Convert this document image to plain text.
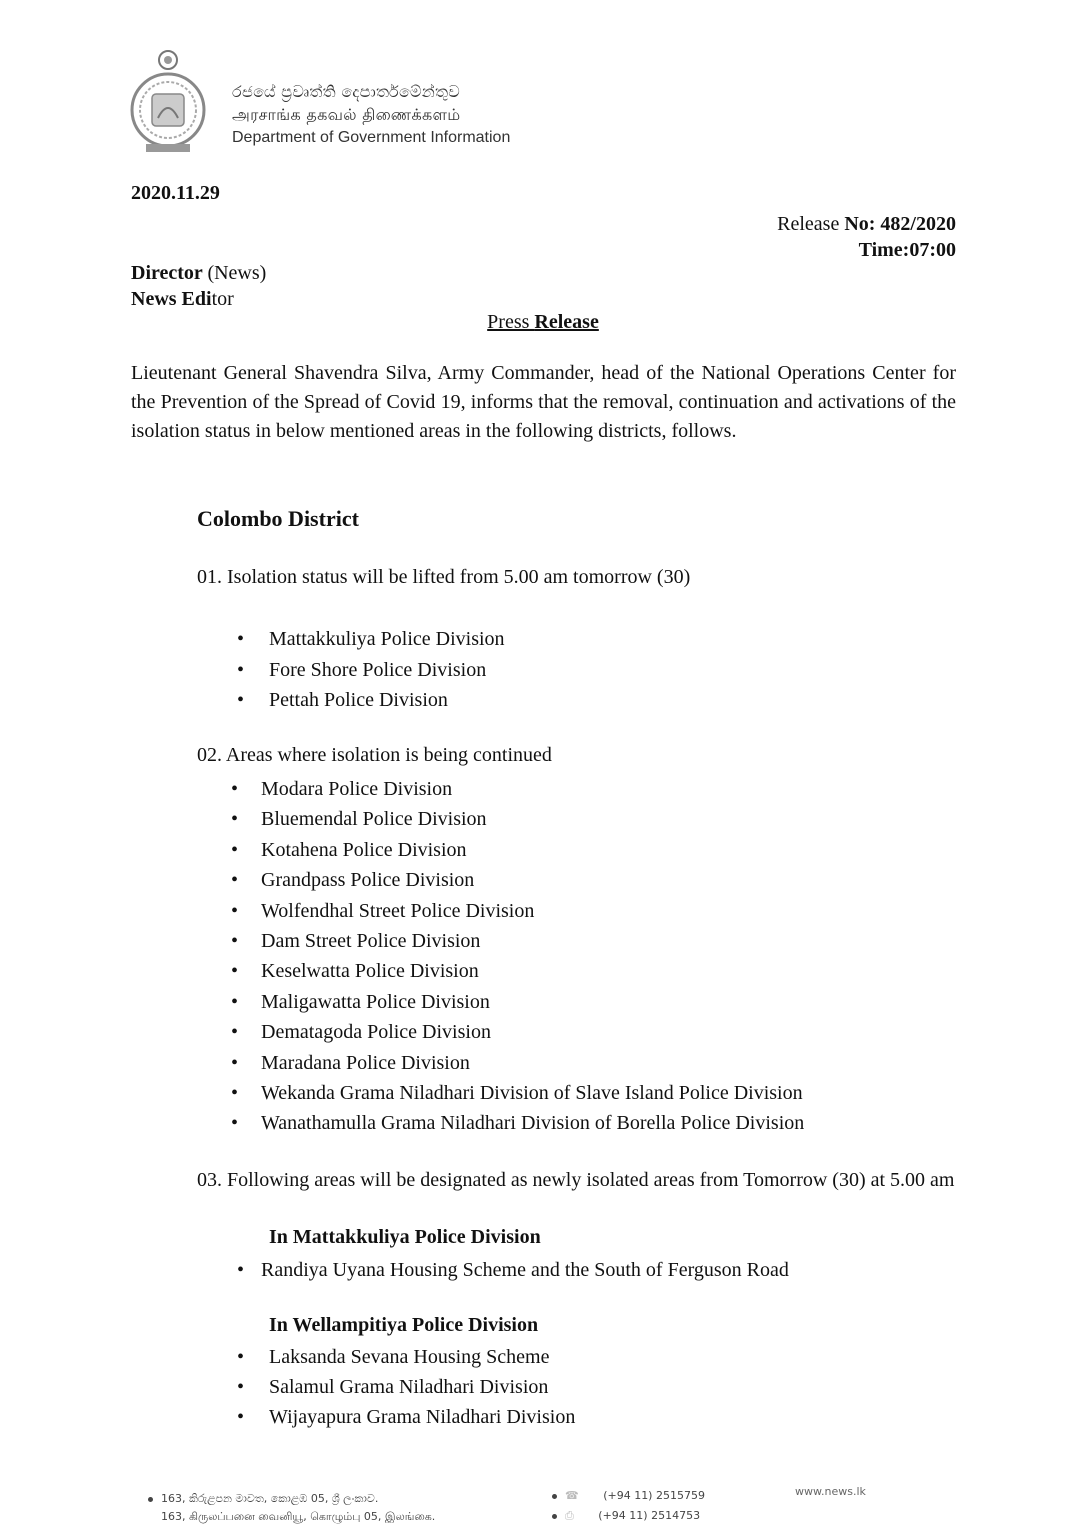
රජයේ ප්‍රවෘත්ති දෙපාර්තමේන්තුව
அரசாங்க தகவல் திணைக்களம்
Department of Government Information
2020.11.29
Release No: 482/2020
Time:07:00
Director (News)
News Editor
Press Release
Lieutenant General Shavendra Silva, Army Commander, head of the National Operations Center for the Prevention of the Spread of Covid 19, informs that the removal, continuation and activations of the isolation status in below mentioned areas in the following districts, follows.
Colombo District
01. Isolation status will be lifted from 5.00 am tomorrow (30)
• Mattakkuliya Police Division
• Fore Shore Police Division
• Pettah Police Division
02. Areas where isolation is being continued
• Modara Police Division
• Bluemendal Police Division
• Kotahena Police Division
• Grandpass Police Division
• Wolfendhal Street Police Division
• Dam Street Police Division
• Keselwatta Police Division
• Maligawatta Police Division
• Dematagoda Police Division
• Maradana Police Division
• Wekanda Grama Niladhari Division of Slave Island Police Division
• Wanathamulla Grama Niladhari Division of Borella Police Division
03. Following areas will be designated as newly isolated areas from Tomorrow (30) at 5.00 am
In Mattakkuliya Police Division
• Randiya Uyana Housing Scheme and the South of Ferguson Road
In Wellampitiya Police Division
• Laksanda Sevana Housing Scheme
• Salamul Grama Niladhari Division
• Wijayapura Grama Niladhari Division
163, කිරුළපන මාවත, කොළඹ 05, ශ්‍රී ලංකාව.
163, கிருலப்பனை வைனியூ, கொழும்பு 05, இலங்கை.
☎ (+94 11) 2515759
⎙ (+94 11) 2514753
www.news.lk
